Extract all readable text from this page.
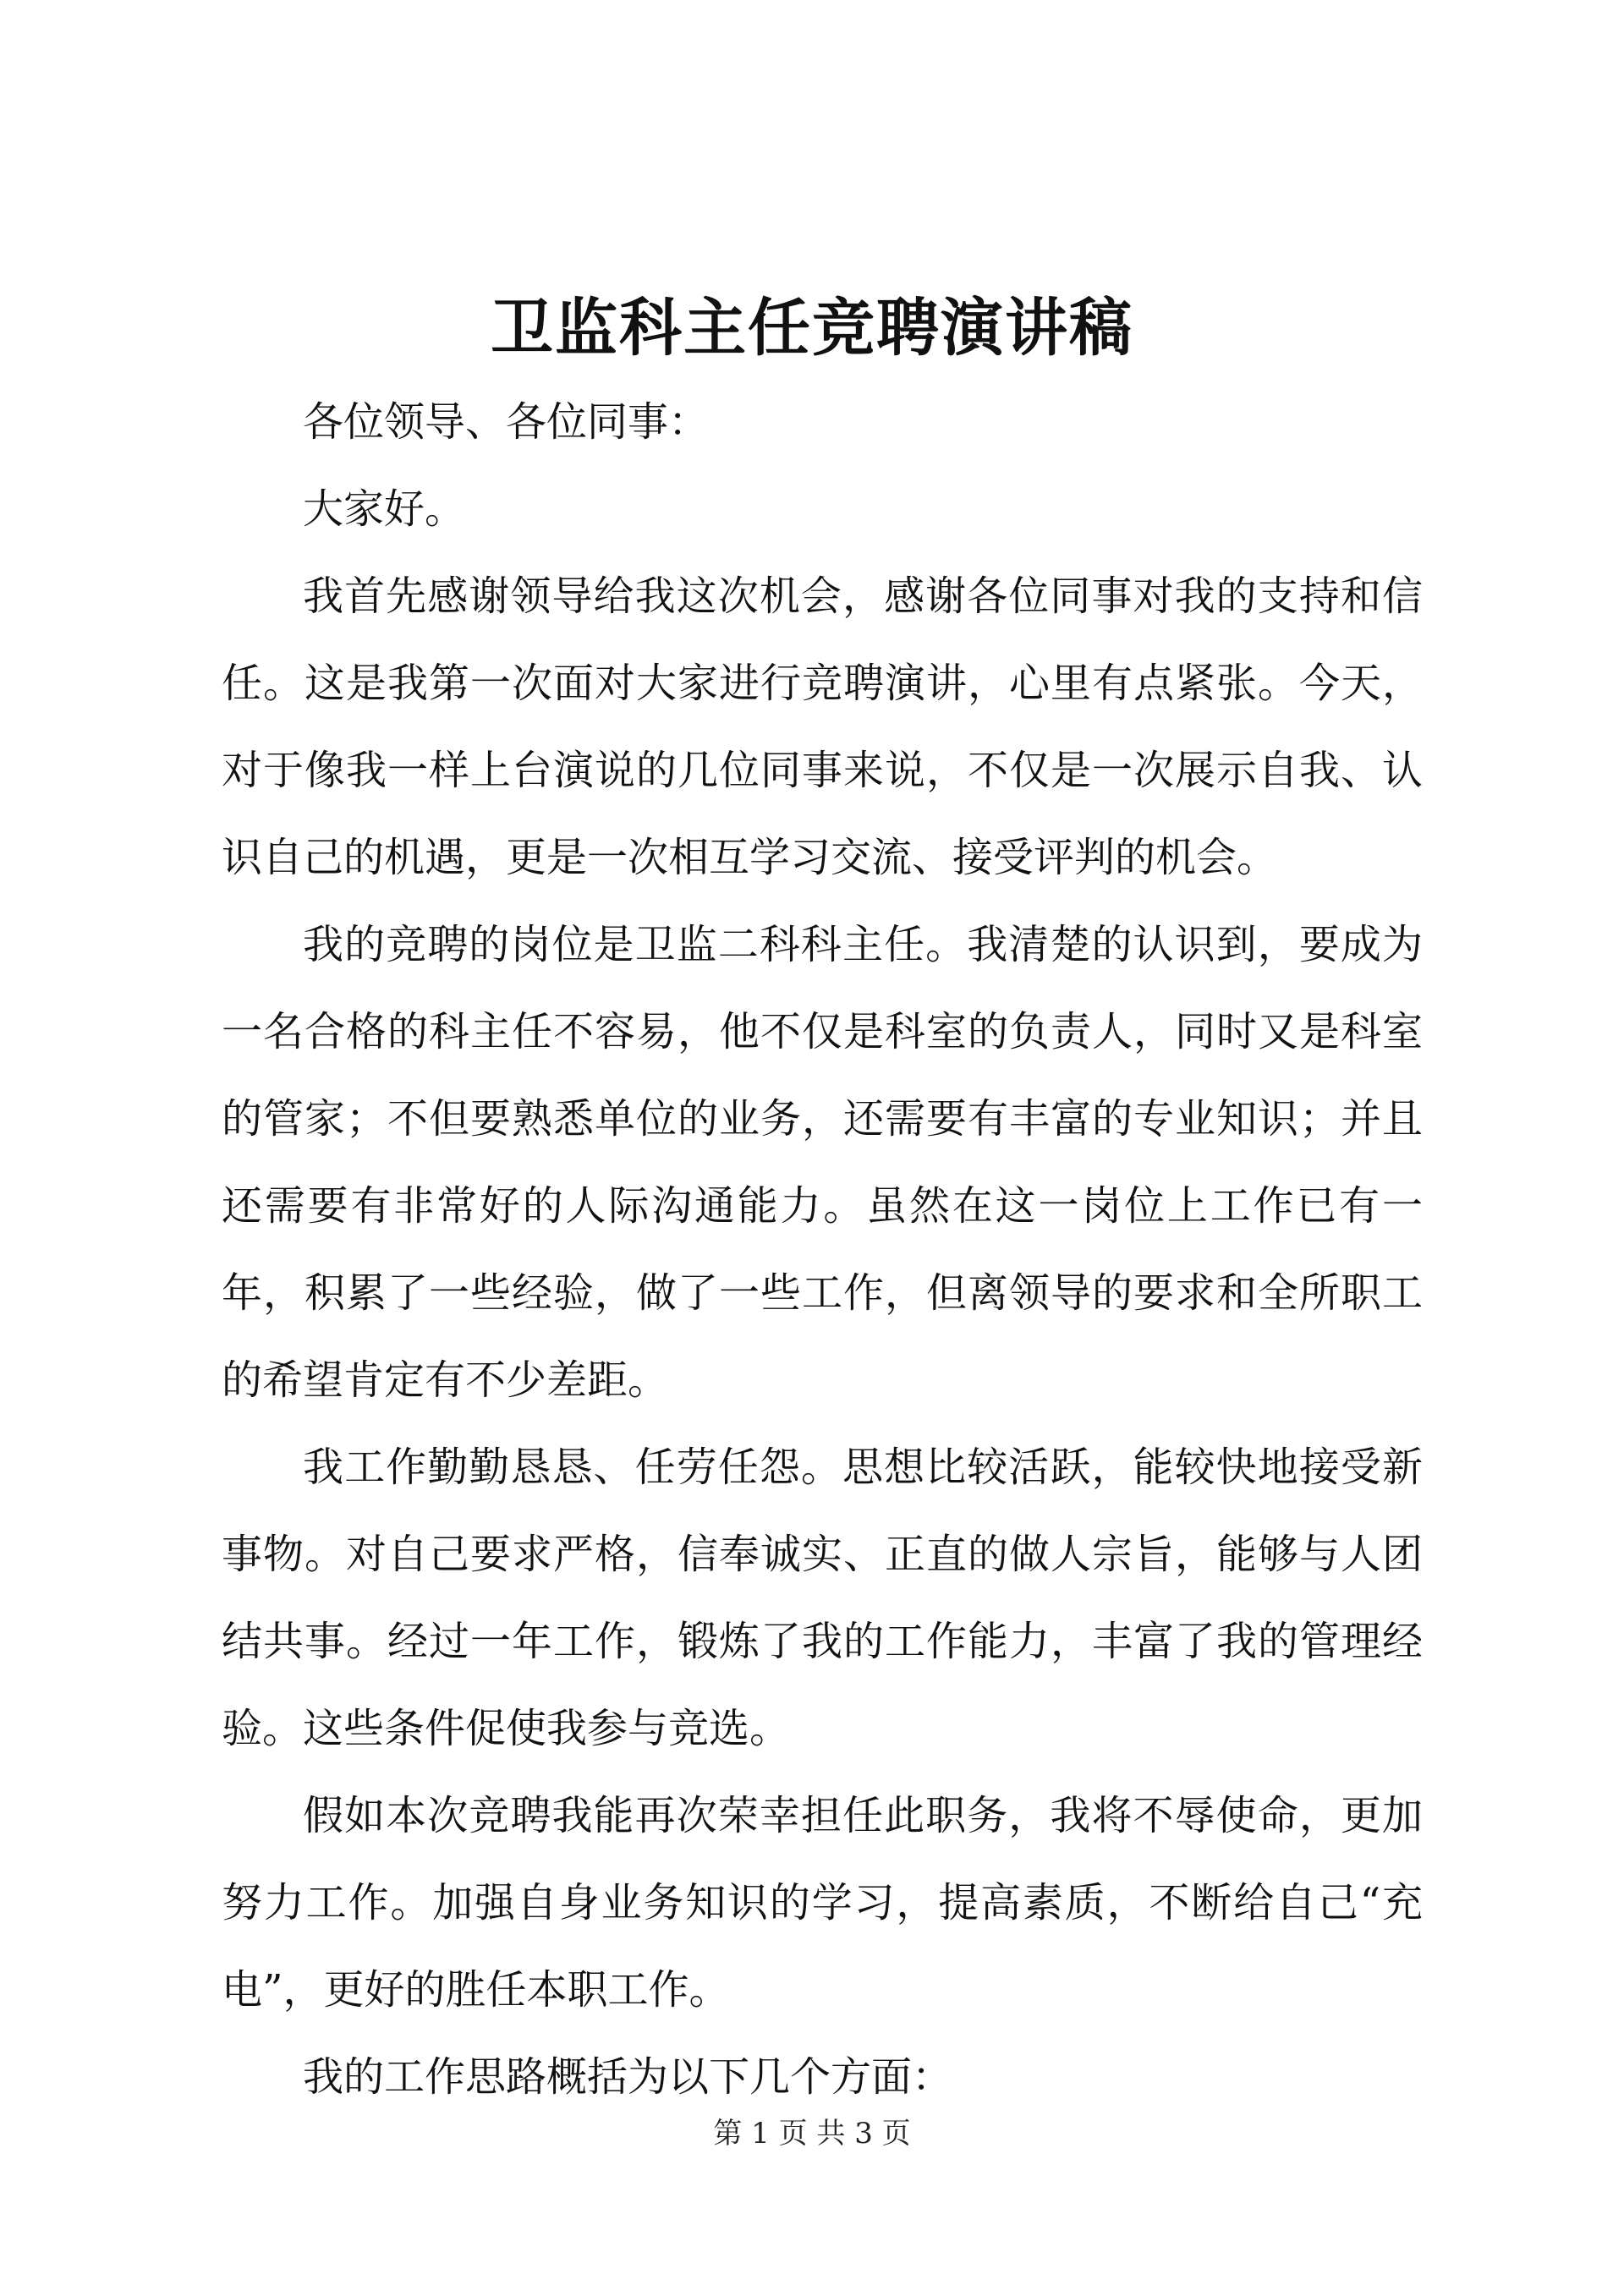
卫监科主任竞聘演讲稿

各位领导、各位同事：

大家好。

我首先感谢领导给我这次机会，感谢各位同事对我的支持和信任。这是我第一次面对大家进行竞聘演讲，心里有点紧张。今天，对于像我一样上台演说的几位同事来说，不仅是一次展示自我、认识自己的机遇，更是一次相互学习交流、接受评判的机会。

我的竞聘的岗位是卫监二科科主任。我清楚的认识到，要成为一名合格的科主任不容易，他不仅是科室的负责人，同时又是科室的管家；不但要熟悉单位的业务，还需要有丰富的专业知识；并且还需要有非常好的人际沟通能力。虽然在这一岗位上工作已有一年，积累了一些经验，做了一些工作，但离领导的要求和全所职工的希望肯定有不少差距。

我工作勤勤恳恳、任劳任怨。思想比较活跃，能较快地接受新事物。对自己要求严格，信奉诚实、正直的做人宗旨，能够与人团结共事。经过一年工作，锻炼了我的工作能力，丰富了我的管理经验。这些条件促使我参与竞选。

假如本次竞聘我能再次荣幸担任此职务，我将不辱使命，更加努力工作。加强自身业务知识的学习，提高素质，不断给自己“充电”，更好的胜任本职工作。

我的工作思路概括为以下几个方面：

第 1 页 共 3 页
